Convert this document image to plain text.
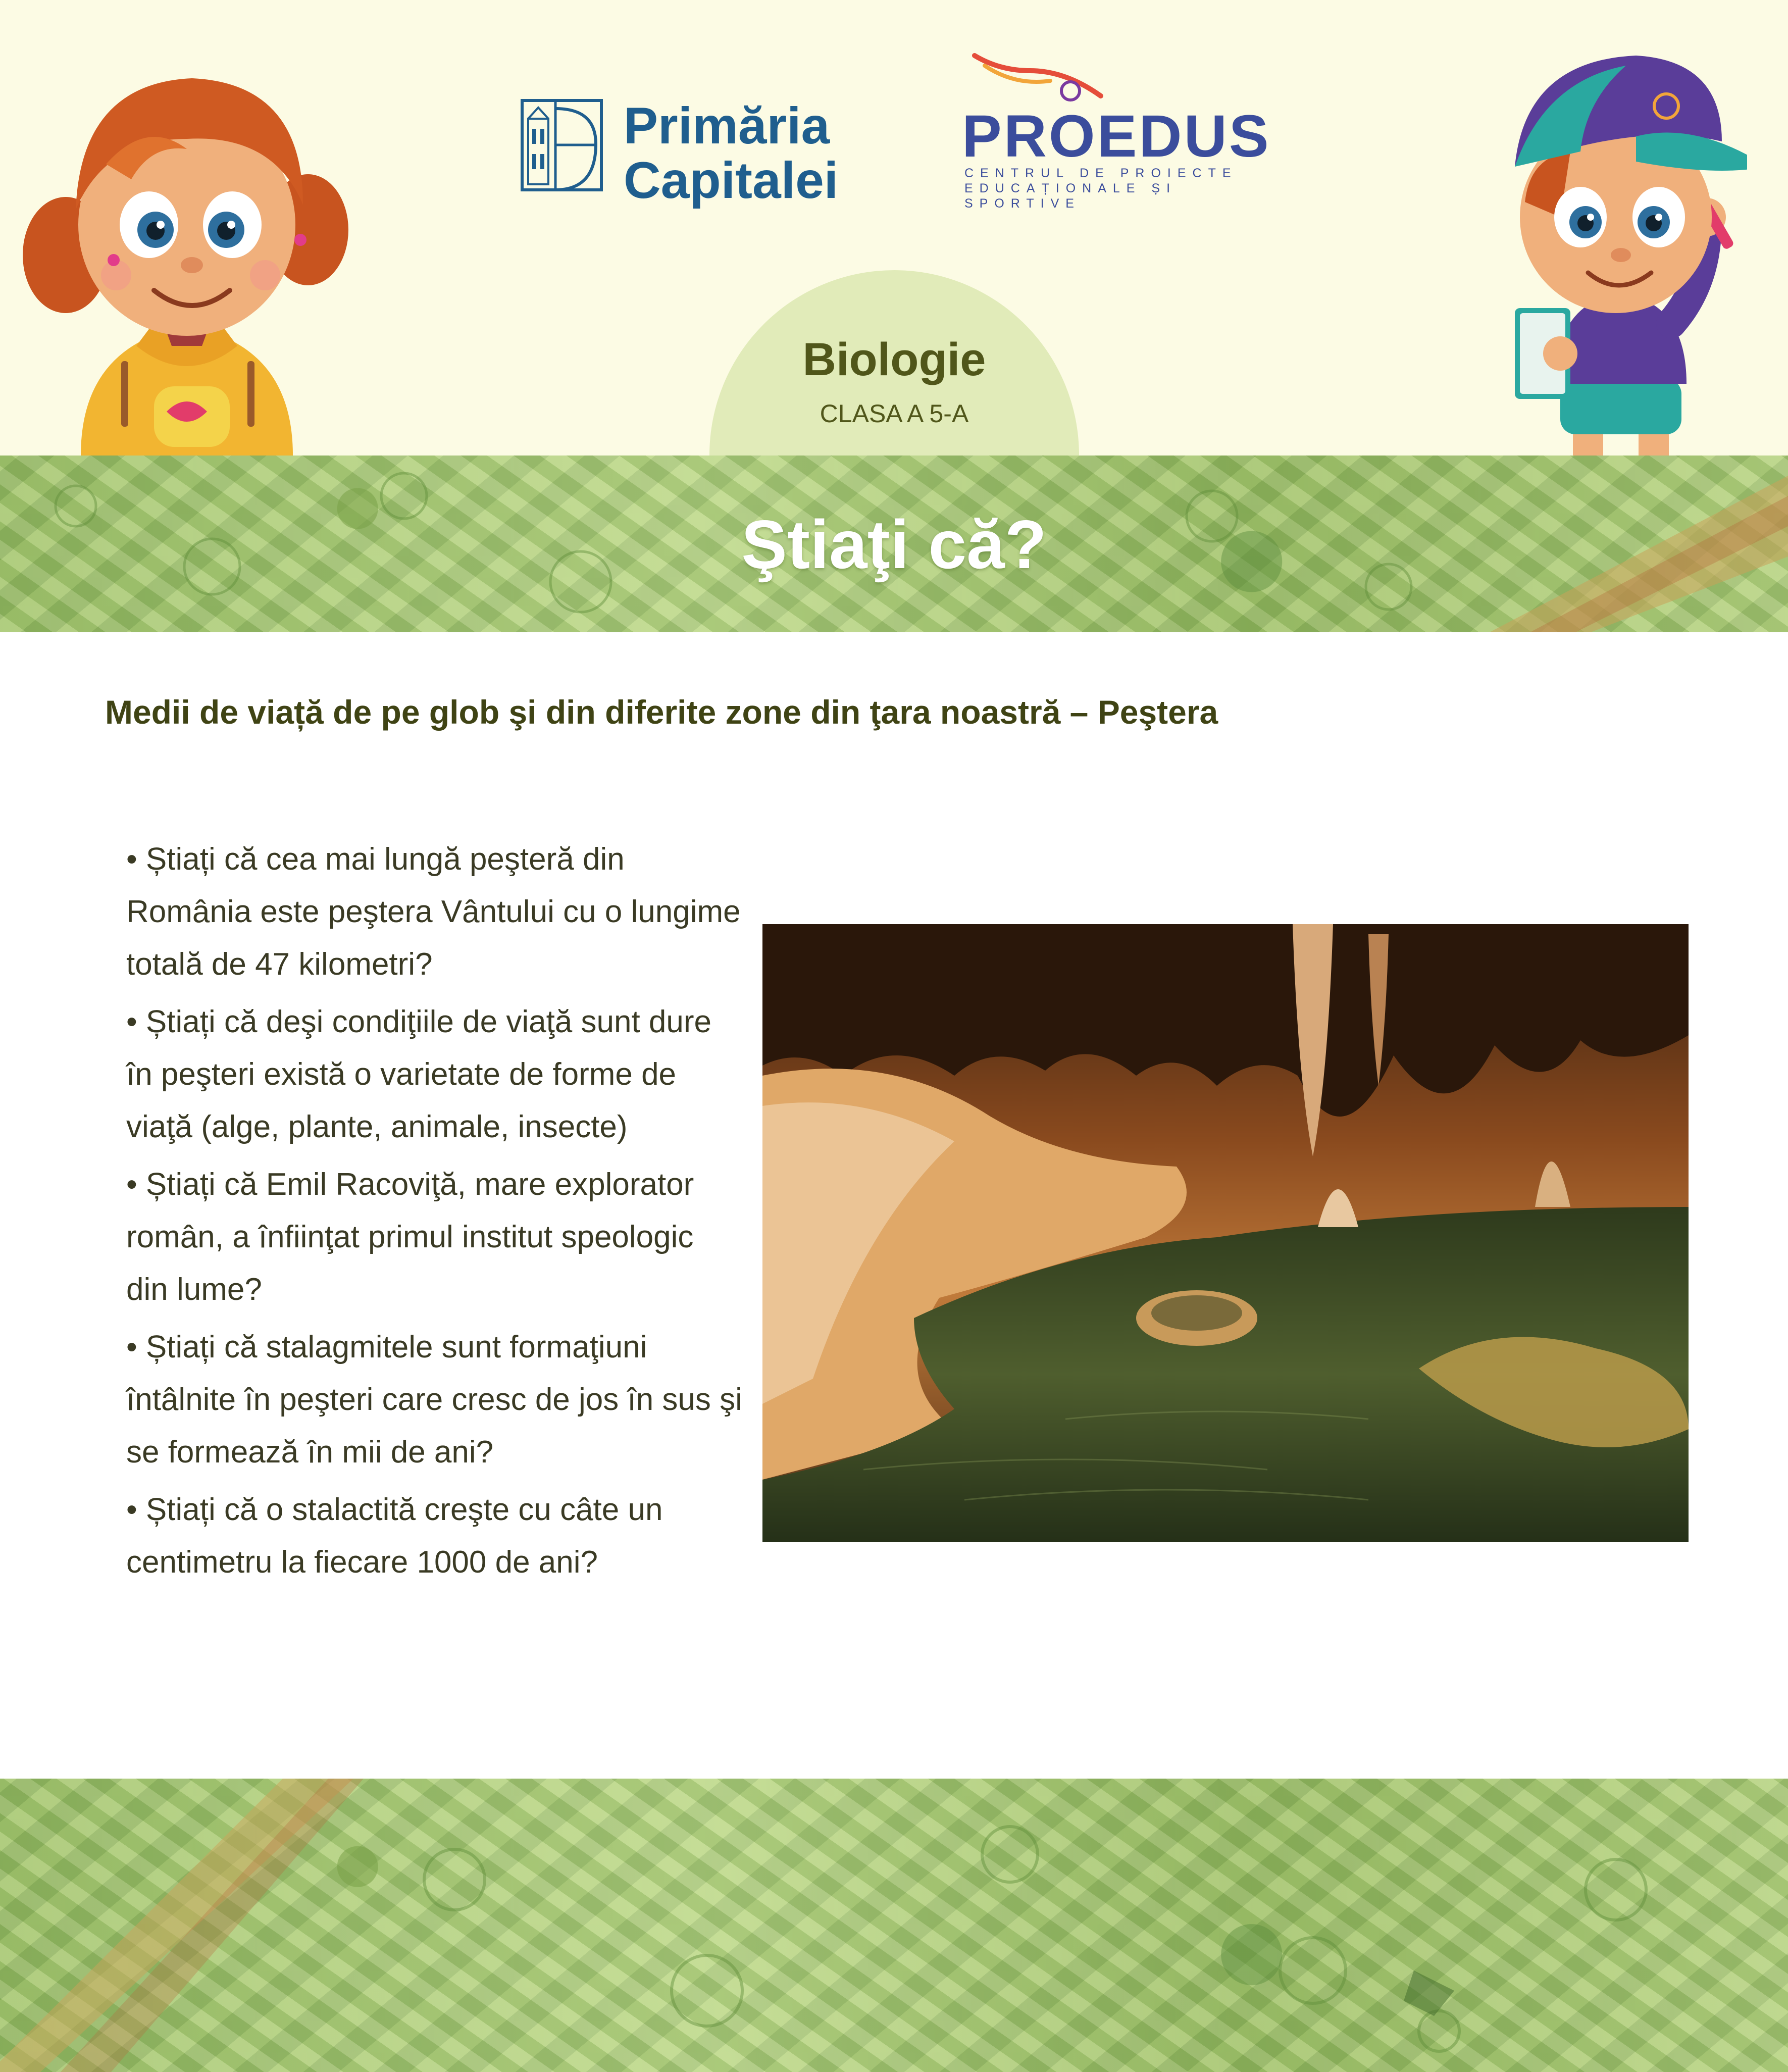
Primăria
Capitalei
PROEDUS
CENTRUL DE PROIECTE EDUCAȚIONALE ȘI SPORTIVE
Biologie
CLASA A 5-A
Ştiaţi că?
Medii de viață de pe glob şi din diferite zone din ţara noastră – Peştera
• Știați că cea mai lungă peşteră din România este peştera Vântului cu o lungime totală de 47 kilometri?
• Știați că deşi condiţiile de viaţă sunt dure în peşteri există o varietate de forme de viaţă (alge, plante, animale, insecte)
• Știați că Emil Racoviţă, mare explorator român, a înfiinţat primul institut speologic din lume?
• Știați că stalagmitele sunt formaţiuni întâlnite în peşteri care cresc de jos în sus şi se formează în mii de ani?
• Știați că o stalactită creşte cu câte un centimetru la fiecare 1000 de ani?
